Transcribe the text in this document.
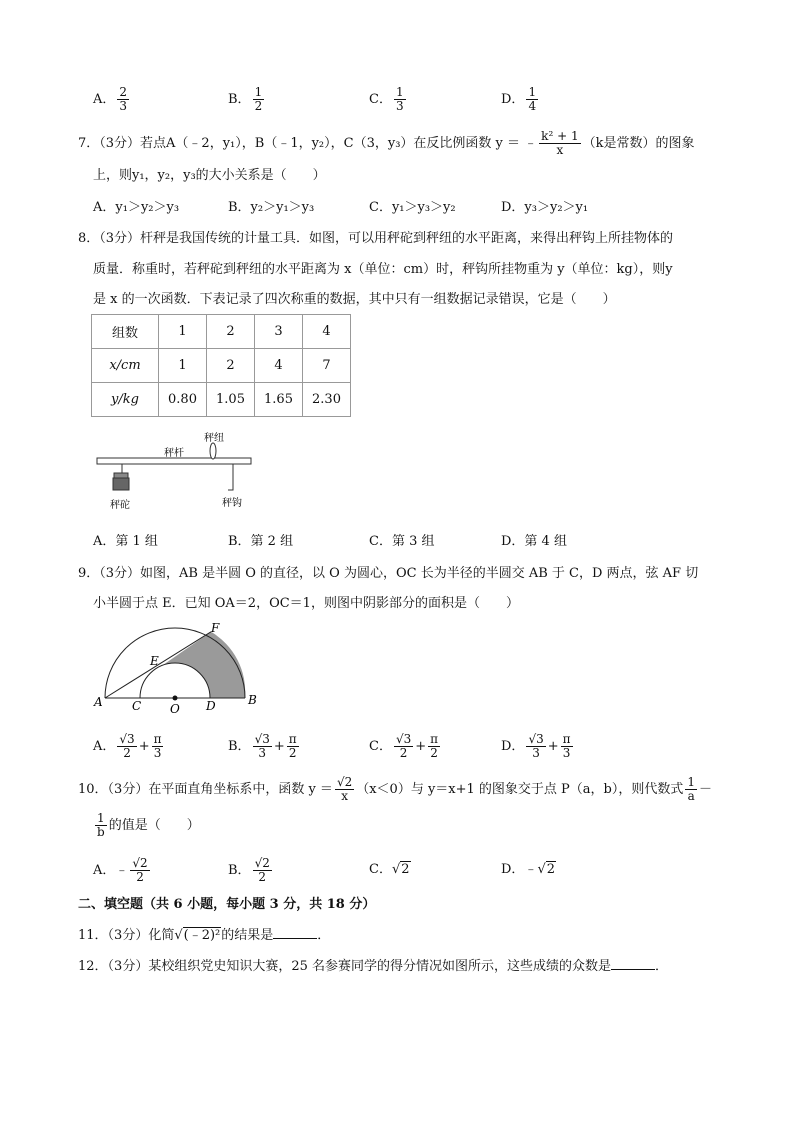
A． $\frac{2}{3}$	B． $\frac{1}{2}$	C． $\frac{1}{3}$	D． $\frac{1}{4}$
7．（3分）若点A（﹣2，y₁），B（﹣1，y₂），C（3，y₃）在反比例函数 y ＝ ﹣ $\frac{\text{k² + 1}}{x} (k$是常数）的图象
上，则y₁，y₂，y₃的大小关系是（　　）
A．y₁＞y₂＞y₃	B．y₂＞y₁＞y₃	C．y₁＞y₃＞y₂	D．y₃＞y₂＞y₁
8．（3分）杆秤是我国传统的计量工具．如图，可以用秤砣到秤纽的水平距离，来得出秤钩上所挂物体的
质量．称重时，若秤砣到秤纽的水平距离为 x（单位：cm）时，秤钩所挂物重为 y（单位：kg），则y
是 x 的一次函数．下表记录了四次称重的数据，其中只有一组数据记录错误，它是（　　）
组数	1	2	3	4
x/cm	1	2	4	7
y/kg	0.80	1.05	1.65	2.30
秤纽
秤杆
秤砣	秤钩
A．第 1 组	B．第 2 组	C．第 3 组	D．第 4 组
9．（3分）如图，AB 是半圆 O 的直径，以 O 为圆心，OC 长为半径的半圆交 AB 于 C，D 两点，弦 AF 切
小半圆于点 E．已知 OA＝2，OC＝1，则图中阴影部分的面积是（　　）
F
E
A C O D	B
A． $\frac{√3}{2} + \frac{\pi}{3}$	B． $\frac{√3}{3} + \frac{\pi}{2}$	C． $\frac{√3}{2} + \frac{\pi}{2}$	D． $\frac{√3}{3} + \frac{\pi}{3}$
10．（3分）在平面直角坐标系中，函数 $y = \frac{√2}{x} (x<0)$与 y＝x+1 的图象交于点 P（a，b），则代数式 $\frac{1}{a}$ －
$\frac{1}{b}$ 的值是（　　）
A．﹣ $\frac{√2}{2}$	B． $\frac{√2}{2}$	C．√2	D．﹣√2
二、填空题（共 6 小题，每小题 3 分，共 18 分）
11．（3分）化简√(﹣2)²的结果是	．
12．（3分）某校组织党史知识大赛，25 名参赛同学的得分情况如图所示，这些成绩的众数是	．
